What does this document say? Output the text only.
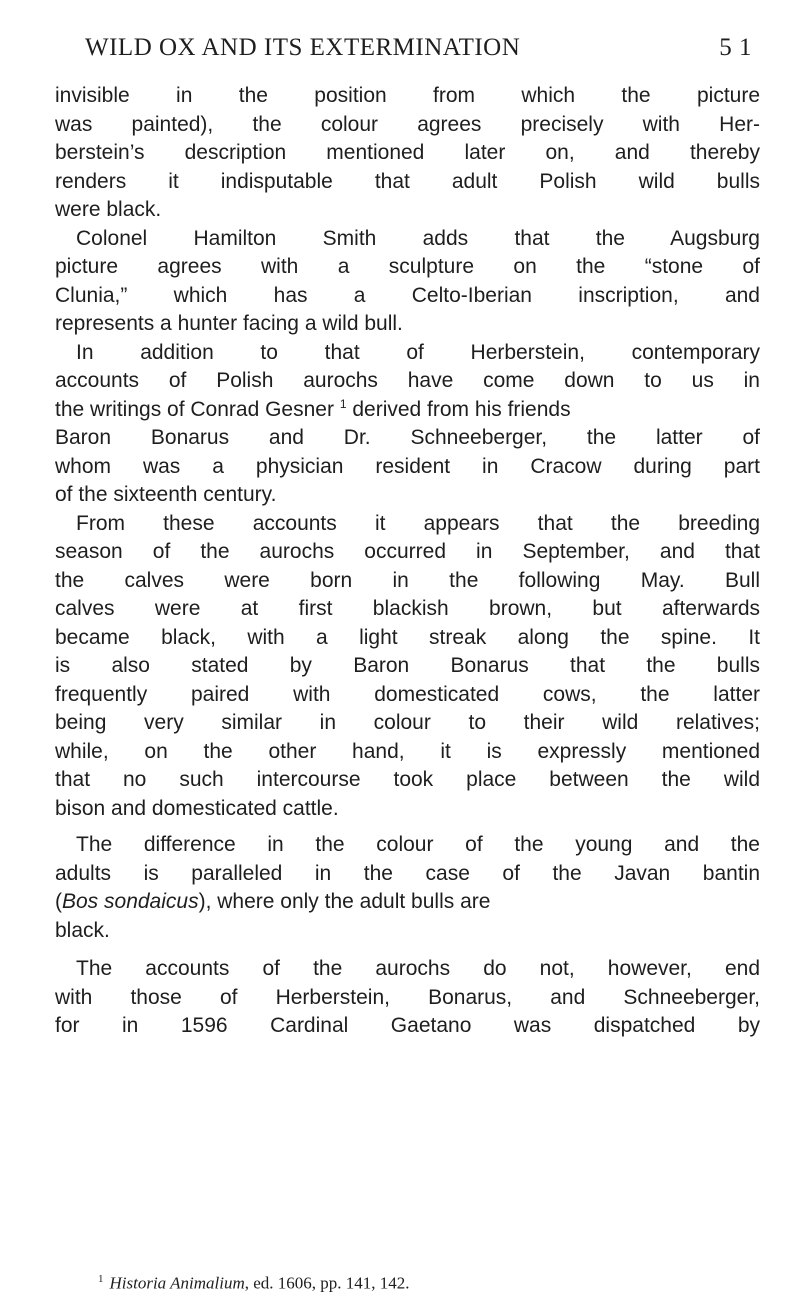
WILD OX AND ITS EXTERMINATION	5 1
invisible in the position from which the picture
was painted), the colour agrees precisely with Her-
berstein’s description mentioned later on, and thereby
renders it indisputable that adult Polish wild bulls
were black.
Colonel Hamilton Smith adds that the Augsburg
picture agrees with a sculpture on the “stone of
Clunia,” which has a Celto-Iberian inscription, and
represents a hunter facing a wild bull.
In addition to that of Herberstein, contemporary
accounts of Polish aurochs have come down to us in
the writings of Conrad Gesner $^1$ derived from his friends
Baron Bonarus and Dr. Schneeberger, the latter of
whom was a physician resident in Cracow during part
of the sixteenth century.
From these accounts it appears that the breeding
season of the aurochs occurred in September, and that
the calves were born in the following May. Bull
calves were at first blackish brown, but afterwards
became black, with a light streak along the spine. It
is also stated by Baron Bonarus that the bulls
frequently paired with domesticated cows, the latter
being very similar in colour to their wild relatives;
while, on the other hand, it is expressly mentioned
that no such intercourse took place between the wild
bison and domesticated cattle.
The difference in the colour of the young and the
adults is paralleled in the case of the Javan bantin
(Bos sondaicus), where only the adult bulls are
black.
The accounts of the aurochs do not, however, end
with those of Herberstein, Bonarus, and Schneeberger,
for in 1596 Cardinal Gaetano was dispatched by
$^1$ Historia Animalium, ed. 1606, pp. 141, 142.
